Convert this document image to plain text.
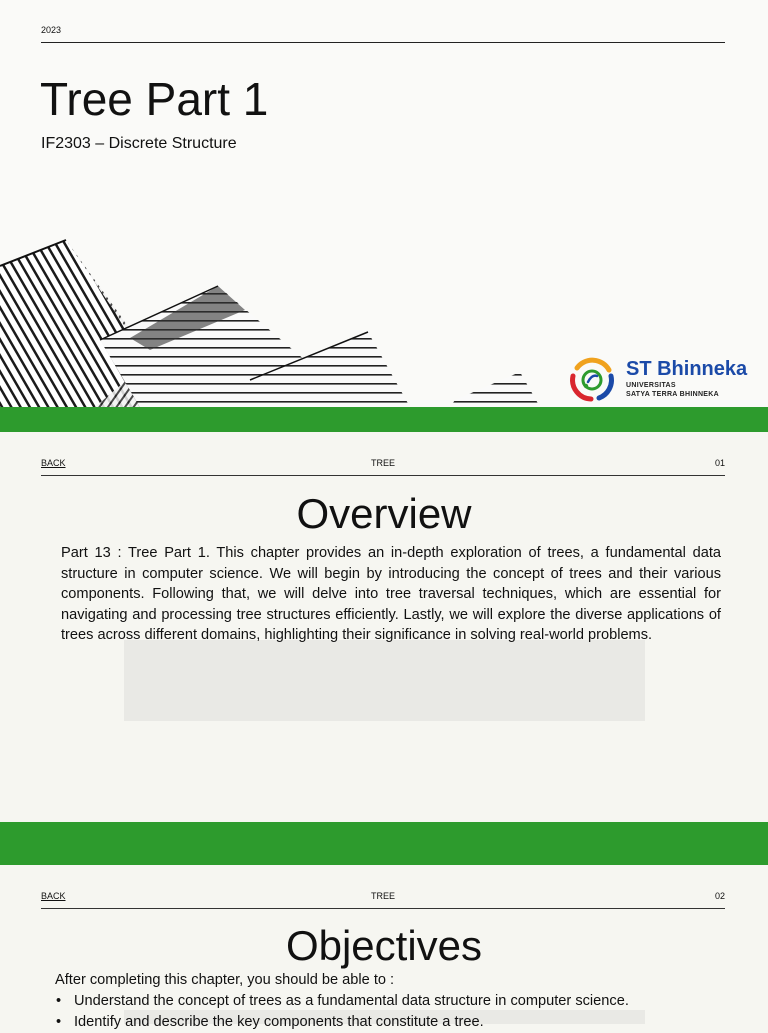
2023
Tree Part 1
IF2303 – Discrete Structure
ST Bhinneka
UNIVERSITAS
SATYA TERRA BHINNEKA
BACK	TREE	01
Overview
Part 13 : Tree Part 1. This chapter provides an in-depth exploration of trees, a fundamental data structure in computer science. We will begin by introducing the concept of trees and their various components. Following that, we will delve into tree traversal techniques, which are essential for navigating and processing tree structures efficiently. Lastly, we will explore the diverse applications of trees across different domains, highlighting their significance in solving real-world problems.
BACK	TREE	02
Objectives
After completing this chapter, you should be able to :
• Understand the concept of trees as a fundamental data structure in computer science.
• Identify and describe the key components that constitute a tree.
